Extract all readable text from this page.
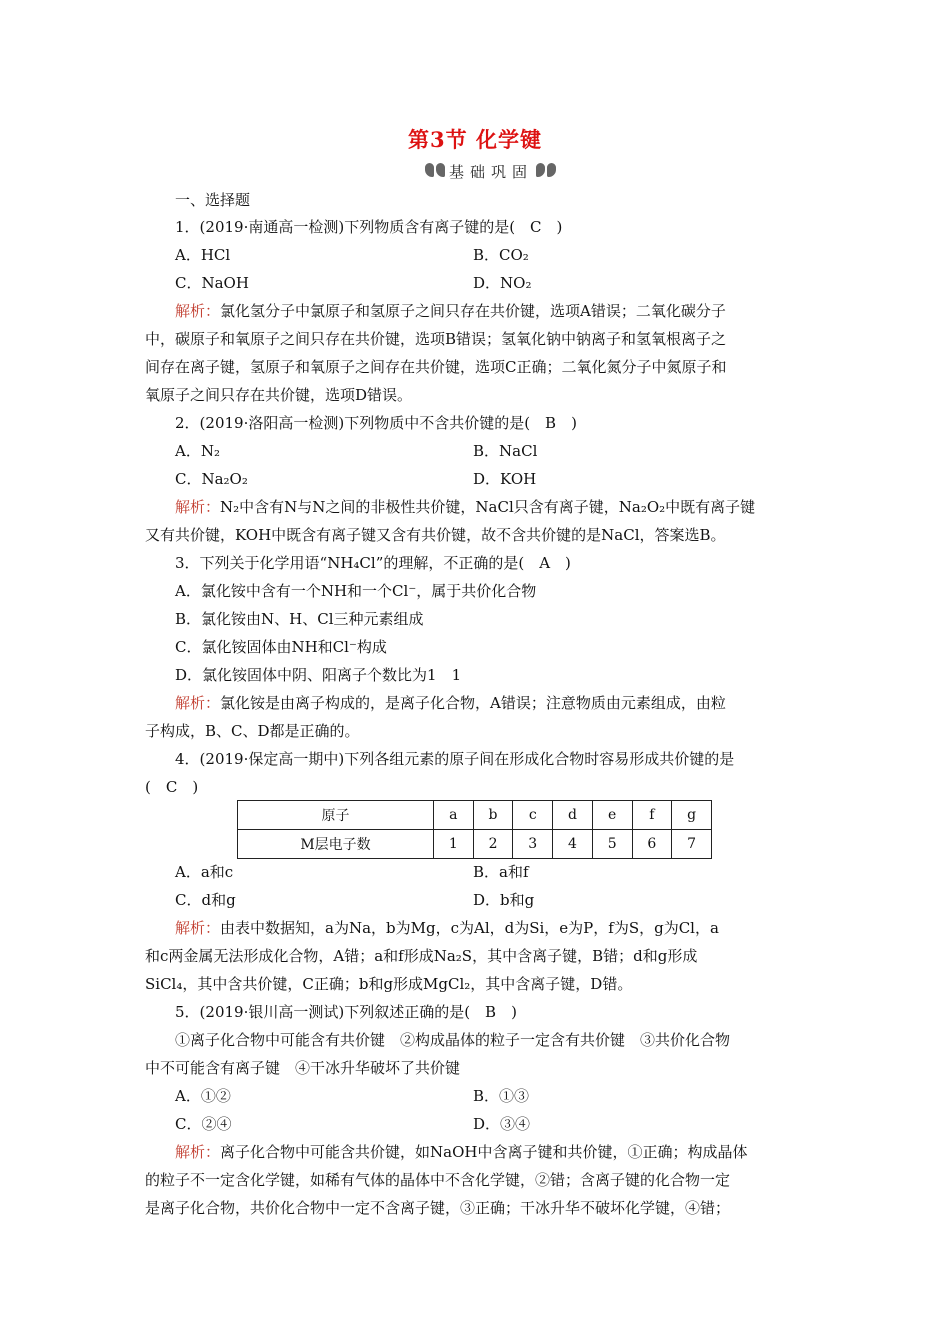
第3节 化学键
基础巩固
一、选择题
1．(2019·南通高一检测)下列物质含有离子键的是(　C　)
A．HCl	B．CO₂
C．NaOH	D．NO₂
解析：氯化氢分子中氯原子和氢原子之间只存在共价键，选项A错误；二氧化碳分子
中，碳原子和氧原子之间只存在共价键，选项B错误；氢氧化钠中钠离子和氢氧根离子之
间存在离子键，氢原子和氧原子之间存在共价键，选项C正确；二氧化氮分子中氮原子和
氧原子之间只存在共价键，选项D错误。
2．(2019·洛阳高一检测)下列物质中不含共价键的是(　B　)
A．N₂	B．NaCl
C．Na₂O₂	D．KOH
解析：N₂中含有N与N之间的非极性共价键，NaCl只含有离子键，Na₂O₂中既有离子键
又有共价键，KOH中既含有离子键又含有共价键，故不含共价键的是NaCl，答案选B。
3．下列关于化学用语“NH₄Cl”的理解，不正确的是(　A　)
A．氯化铵中含有一个NH和一个Cl⁻，属于共价化合物
B．氯化铵由N、H、Cl三种元素组成
C．氯化铵固体由NH和Cl⁻构成
D．氯化铵固体中阴、阳离子个数比为1　1
解析：氯化铵是由离子构成的，是离子化合物，A错误；注意物质由元素组成，由粒
子构成，B、C、D都是正确的。
4．(2019·保定高一期中)下列各组元素的原子间在形成化合物时容易形成共价键的是
(　C　)
原子	a	b	c	d	e	f	g
M层电子数	1	2	3	4	5	6	7
A．a和c	B．a和f
C．d和g	D．b和g
解析：由表中数据知，a为Na，b为Mg，c为Al，d为Si，e为P，f为S，g为Cl，a
和c两金属无法形成化合物，A错；a和f形成Na₂S，其中含离子键，B错；d和g形成
SiCl₄，其中含共价键，C正确；b和g形成MgCl₂，其中含离子键，D错。
5．(2019·银川高一测试)下列叙述正确的是(　B　)
①离子化合物中可能含有共价键　②构成晶体的粒子一定含有共价键　③共价化合物
中不可能含有离子键　④干冰升华破坏了共价键
A．①②	B．①③
C．②④	D．③④
解析：离子化合物中可能含共价键，如NaOH中含离子键和共价键，①正确；构成晶体
的粒子不一定含化学键，如稀有气体的晶体中不含化学键，②错；含离子键的化合物一定
是离子化合物，共价化合物中一定不含离子键，③正确；干冰升华不破坏化学键，④错；
